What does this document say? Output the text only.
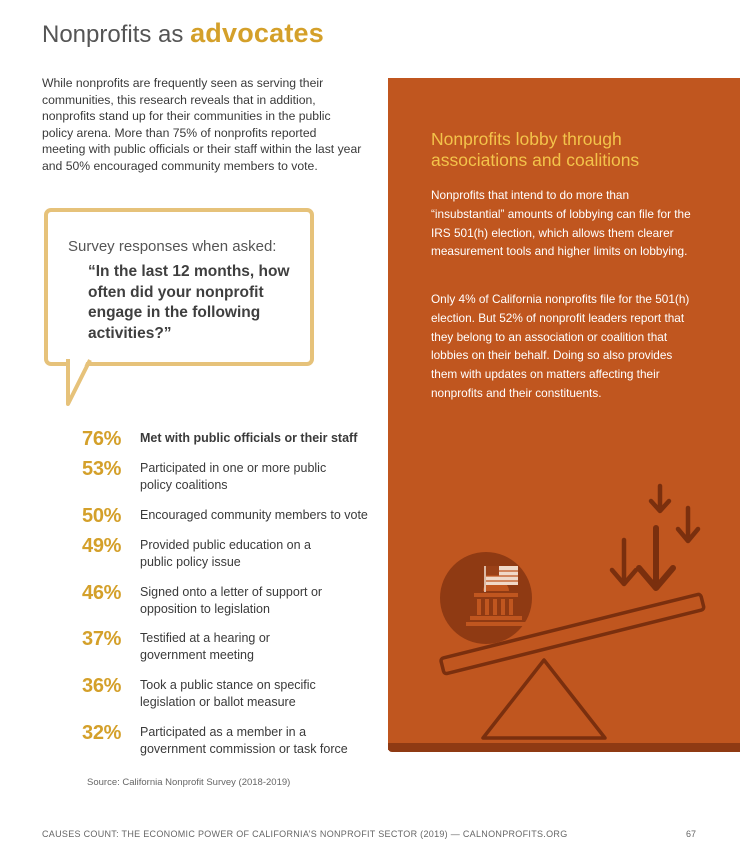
Nonprofits as advocates
While nonprofits are frequently seen as serving their communities, this research reveals that in addition, nonprofits stand up for their communities in the public policy arena. More than 75% of nonprofits reported meeting with public officials or their staff within the last year and 50% encouraged community members to vote.
Survey responses when asked:
“In the last 12 months, how often did your nonprofit engage in the following activities?”
76%	Met with public officials or their staff
53%	Participated in one or more public policy coalitions
50%	Encouraged community members to vote
49%	Provided public education on a public policy issue
46%	Signed onto a letter of support or opposition to legislation
37%	Testified at a hearing or government meeting
36%	Took a public stance on specific legislation or ballot measure
32%	Participated as a member in a government commission or task force
Source: California Nonprofit Survey (2018-2019)
Nonprofits lobby through associations and coalitions
Nonprofits that intend to do more than “insubstantial” amounts of lobbying can file for the IRS 501(h) election, which allows them clearer measurement tools and higher limits on lobbying.
Only 4% of California nonprofits file for the 501(h) election. But 52% of nonprofit leaders report that they belong to an association or coalition that lobbies on their behalf. Doing so also provides them with updates on matters affecting their nonprofits and their constituents.
CAUSES COUNT: THE ECONOMIC POWER OF CALIFORNIA’S NONPROFIT SECTOR (2019) — CALNONPROFITS.ORG	67
